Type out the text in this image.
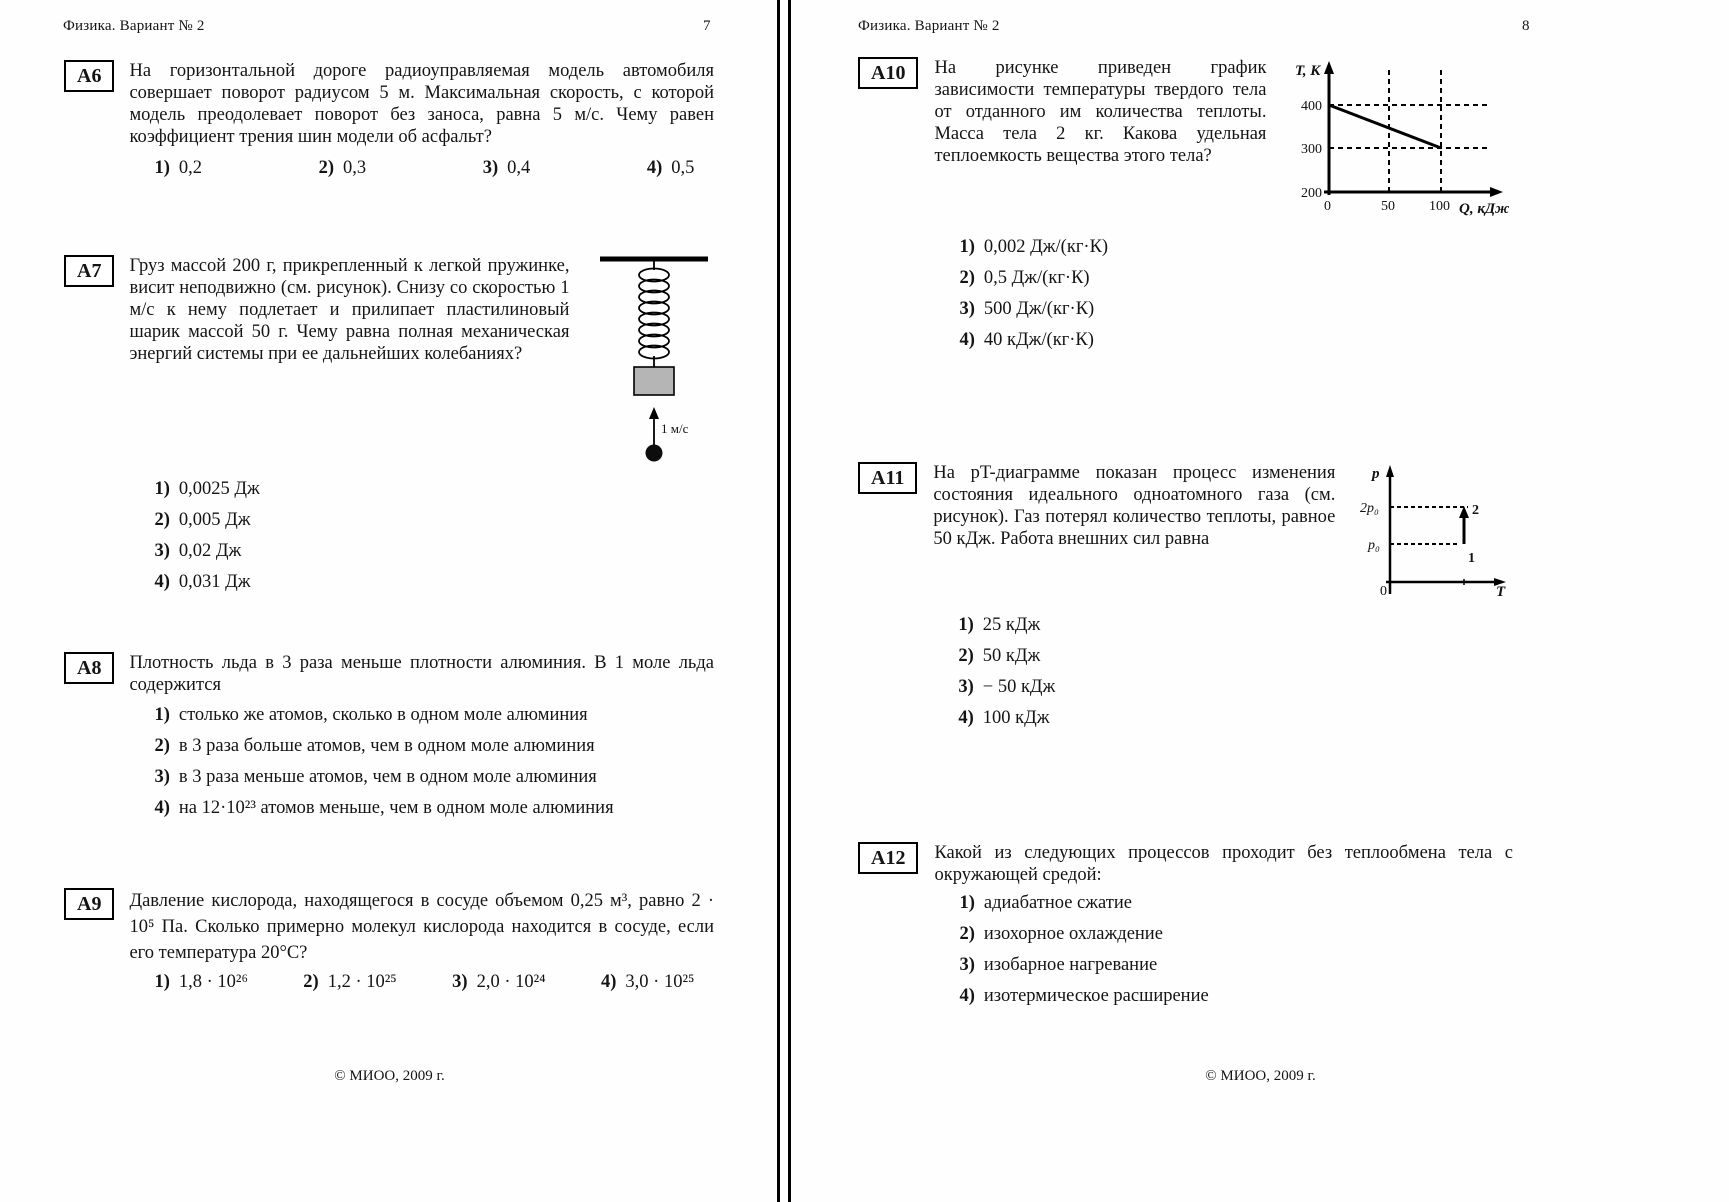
Физика. Вариант № 2	7
А6	На горизонтальной дороге радиоуправляемая модель автомобиля совершает поворот радиусом 5 м. Максимальная скорость, с которой модель преодолевает поворот без заноса, равна 5 м/с. Чему равен коэффициент трения шин модели об асфальт?

1) 0,2	2) 0,3	3) 0,4	4) 0,5
А7	Груз массой 200 г, прикрепленный к легкой пружинке, висит неподвижно (см. рисунок). Снизу со скоростью 1 м/с к нему подлетает и прилипает пластилиновый шарик массой 50 г. Чему равна полная механическая энергий системы при ее дальнейших колебаниях?

1 м/с
1) 0,0025 Дж
2) 0,005 Дж
3) 0,02 Дж
4) 0,031 Дж
А8	Плотность льда в 3 раза меньше плотности алюминия. В 1 моле льда содержится

1) столько же атомов, сколько в одном моле алюминия
2) в 3 раза больше атомов, чем в одном моле алюминия
3) в 3 раза меньше атомов, чем в одном моле алюминия
4) на 12·10²³ атомов меньше, чем в одном моле алюминия
А9	Давление кислорода, находящегося в сосуде объемом 0,25 м³, равно 2 · 10⁵ Па. Сколько примерно молекул кислорода находится в сосуде, если его температура 20°С?

1) 1,8 · 10²⁶	2) 1,2 · 10²⁵	3) 2,0 · 10²⁴	4) 3,0 · 10²⁵
© МИОО, 2009 г.
Физика. Вариант № 2	8
А10	На рисунке приведен график зависимости температуры твердого тела от отданного им количества теплоты. Масса тела 2 кг. Какова удельная теплоемкость вещества этого тела?

T, К
400
300
200
0	50 100 Q, кДж
1) 0,002 Дж/(кг·К)
2) 0,5 Дж/(кг·К)
3) 500 Дж/(кг·К)
4) 40 кДж/(кг·К)
А11	На pT-диаграмме показан процесс изменения состояния идеального одноатомного газа (см. рисунок). Газ потерял количество теплоты, равное 50 кДж. Работа внешних сил равна

p
2p₀
p₀
0	T
2
1
1) 25 кДж
2) 50 кДж
3) − 50 кДж
4) 100 кДж
А12	Какой из следующих процессов проходит без теплообмена тела с окружающей средой:

1) адиабатное сжатие
2) изохорное охлаждение
3) изобарное нагревание
4) изотермическое расширение
© МИОО, 2009 г.
